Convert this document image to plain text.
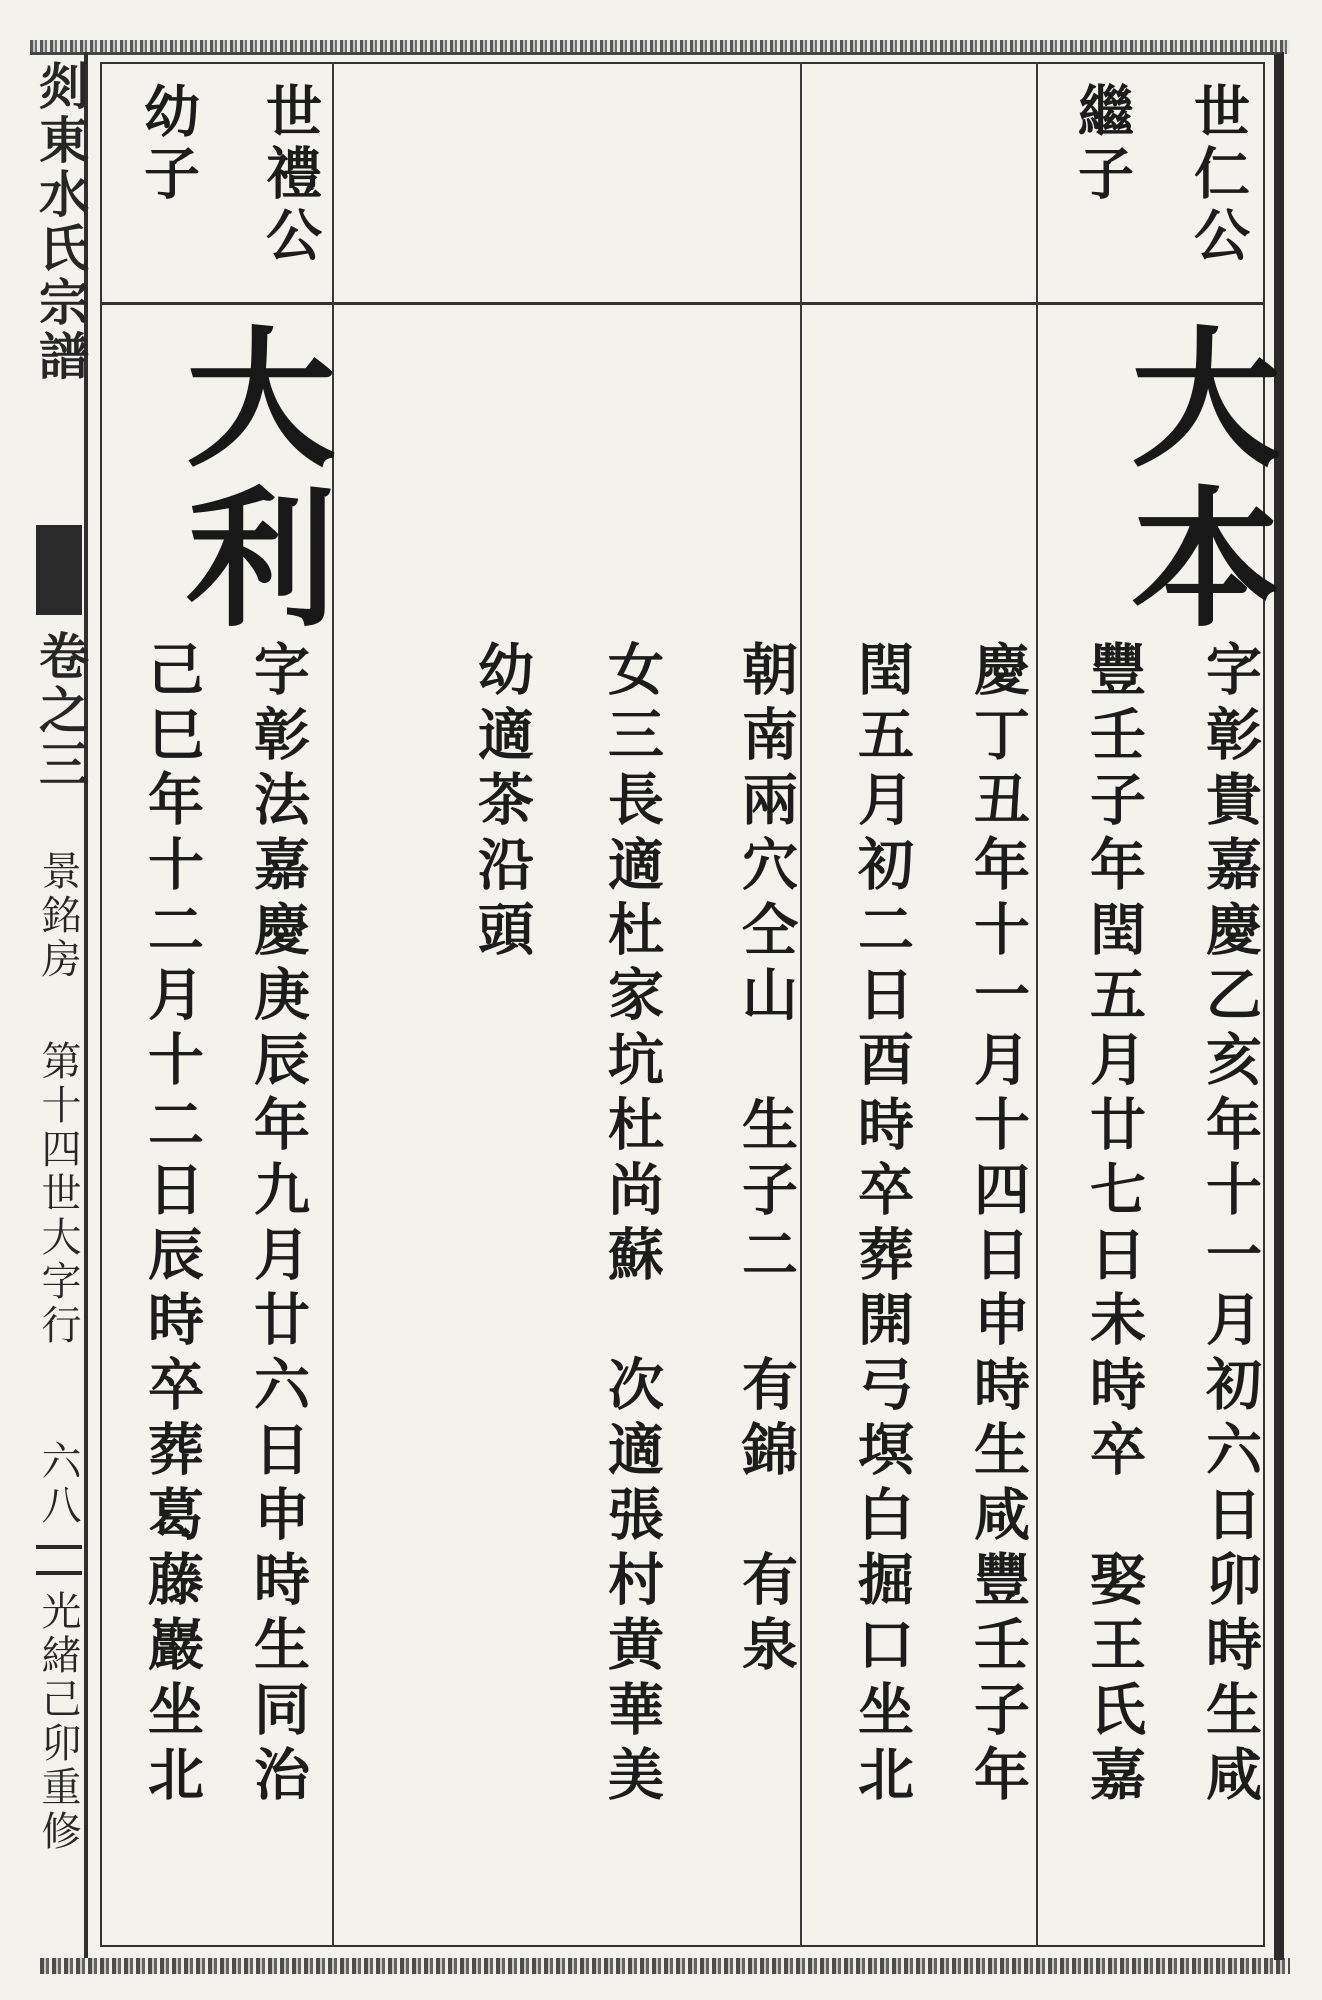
剡東水氏宗譜
卷之三
景銘房
第十四世大字行
六八
光緒己卯重修
世仁公
繼子
大本
字彰貴嘉慶乙亥年十一月初六日卯時生咸
豐壬子年閏五月廿七日未時卒　娶王氏嘉
慶丁丑年十一月十四日申時生咸豐壬子年
閏五月初二日酉時卒葬開弓塓白掘口坐北
朝南兩穴仝山　生子二　有錦　有泉
女三長適杜家坑杜尚蘇　次適張村黄華美
幼適茶沿頭
世禮公
幼子
大利
字彰法嘉慶庚辰年九月廿六日申時生同治
己巳年十二月十二日辰時卒葬葛藤巖坐北
